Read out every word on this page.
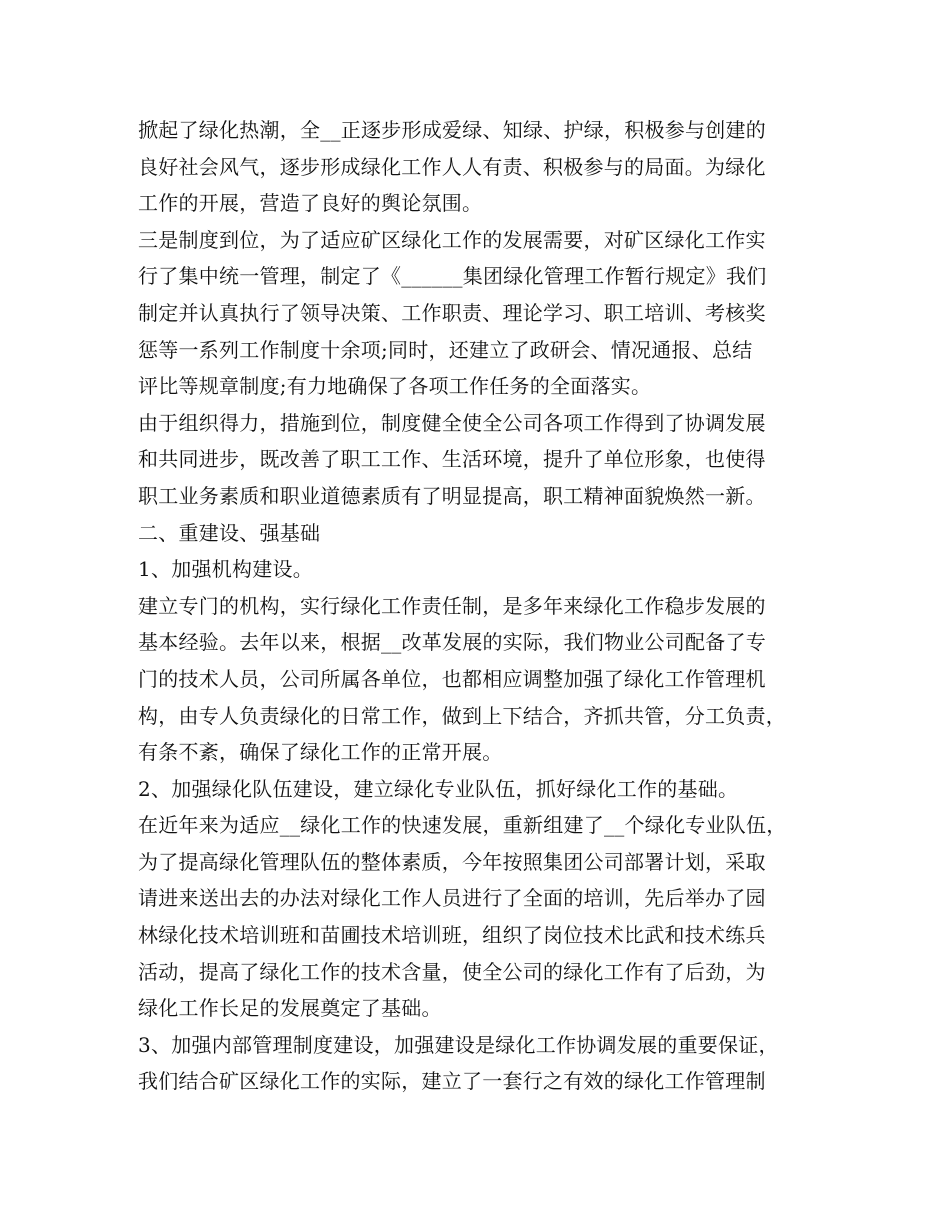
掀起了绿化热潮，全__正逐步形成爱绿、知绿、护绿，积极参与创建的
良好社会风气，逐步形成绿化工作人人有责、积极参与的局面。为绿化
工作的开展，营造了良好的舆论氛围。
三是制度到位，为了适应矿区绿化工作的发展需要，对矿区绿化工作实
行了集中统一管理，制定了《______集团绿化管理工作暂行规定》我们
制定并认真执行了领导决策、工作职责、理论学习、职工培训、考核奖
惩等一系列工作制度十余项;同时，还建立了政研会、情况通报、总结
评比等规章制度;有力地确保了各项工作任务的全面落实。
由于组织得力，措施到位，制度健全使全公司各项工作得到了协调发展
和共同进步，既改善了职工工作、生活环境，提升了单位形象，也使得
职工业务素质和职业道德素质有了明显提高，职工精神面貌焕然一新。
二、重建设、强基础
1、加强机构建设。
建立专门的机构，实行绿化工作责任制，是多年来绿化工作稳步发展的
基本经验。去年以来，根据__改革发展的实际，我们物业公司配备了专
门的技术人员，公司所属各单位，也都相应调整加强了绿化工作管理机
构，由专人负责绿化的日常工作，做到上下结合，齐抓共管，分工负责，
有条不紊，确保了绿化工作的正常开展。
2、加强绿化队伍建设，建立绿化专业队伍，抓好绿化工作的基础。
在近年来为适应__绿化工作的快速发展，重新组建了__个绿化专业队伍，
为了提高绿化管理队伍的整体素质，今年按照集团公司部署计划，采取
请进来送出去的办法对绿化工作人员进行了全面的培训，先后举办了园
林绿化技术培训班和苗圃技术培训班，组织了岗位技术比武和技术练兵
活动，提高了绿化工作的技术含量，使全公司的绿化工作有了后劲，为
绿化工作长足的发展奠定了基础。
3、加强内部管理制度建设，加强建设是绿化工作协调发展的重要保证，
我们结合矿区绿化工作的实际，建立了一套行之有效的绿化工作管理制
